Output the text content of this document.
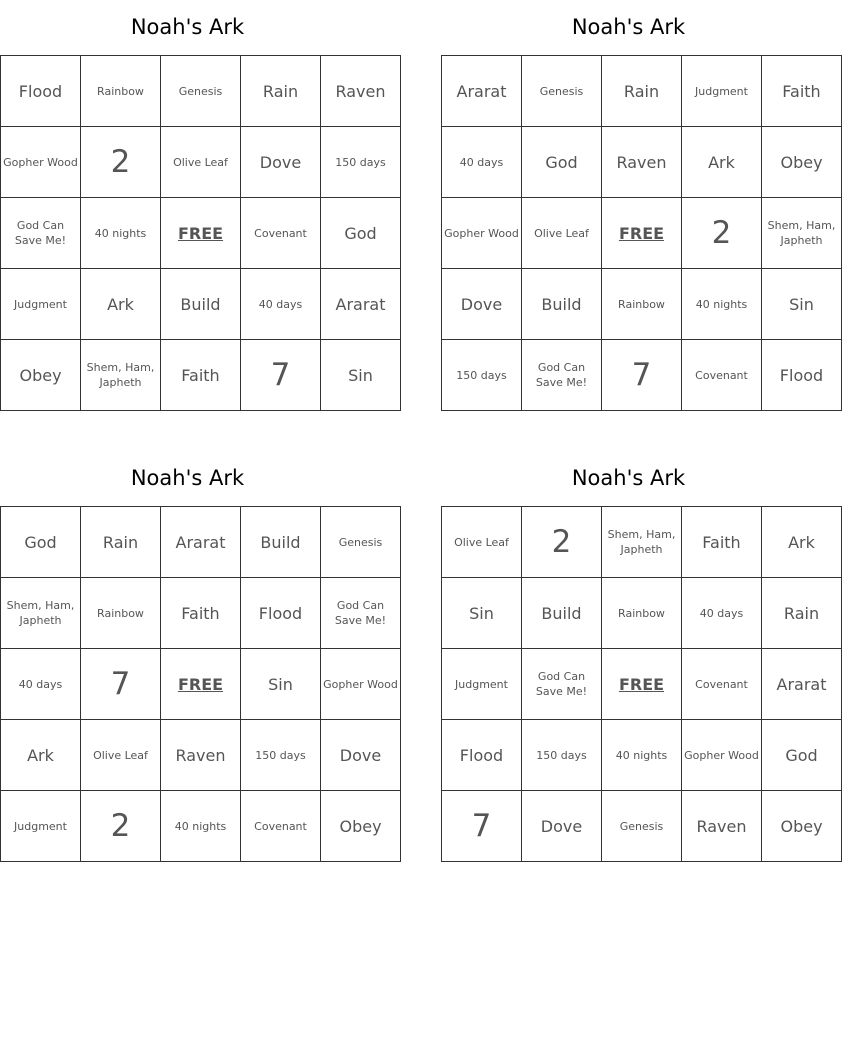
Noah's Ark
Flood	Rainbow	Genesis	Rain	Raven
Gopher Wood	2	Olive Leaf	Dove	150 days
God Can Save Me!	40 nights	FREE	Covenant	God
Judgment	Ark	Build	40 days	Ararat
Obey	Shem, Ham, Japheth	Faith	7	Sin
Noah's Ark
Ararat	Genesis	Rain	Judgment	Faith
40 days	God	Raven	Ark	Obey
Gopher Wood	Olive Leaf	FREE	2	Shem, Ham, Japheth
Dove	Build	Rainbow	40 nights	Sin
150 days	God Can Save Me!	7	Covenant	Flood
Noah's Ark
God	Rain	Ararat	Build	Genesis
Shem, Ham, Japheth	Rainbow	Faith	Flood	God Can Save Me!
40 days	7	FREE	Sin	Gopher Wood
Ark	Olive Leaf	Raven	150 days	Dove
Judgment	2	40 nights	Covenant	Obey
Noah's Ark
Olive Leaf	2	Shem, Ham, Japheth	Faith	Ark
Sin	Build	Rainbow	40 days	Rain
Judgment	God Can Save Me!	FREE	Covenant	Ararat
Flood	150 days	40 nights	Gopher Wood	God
7	Dove	Genesis	Raven	Obey
